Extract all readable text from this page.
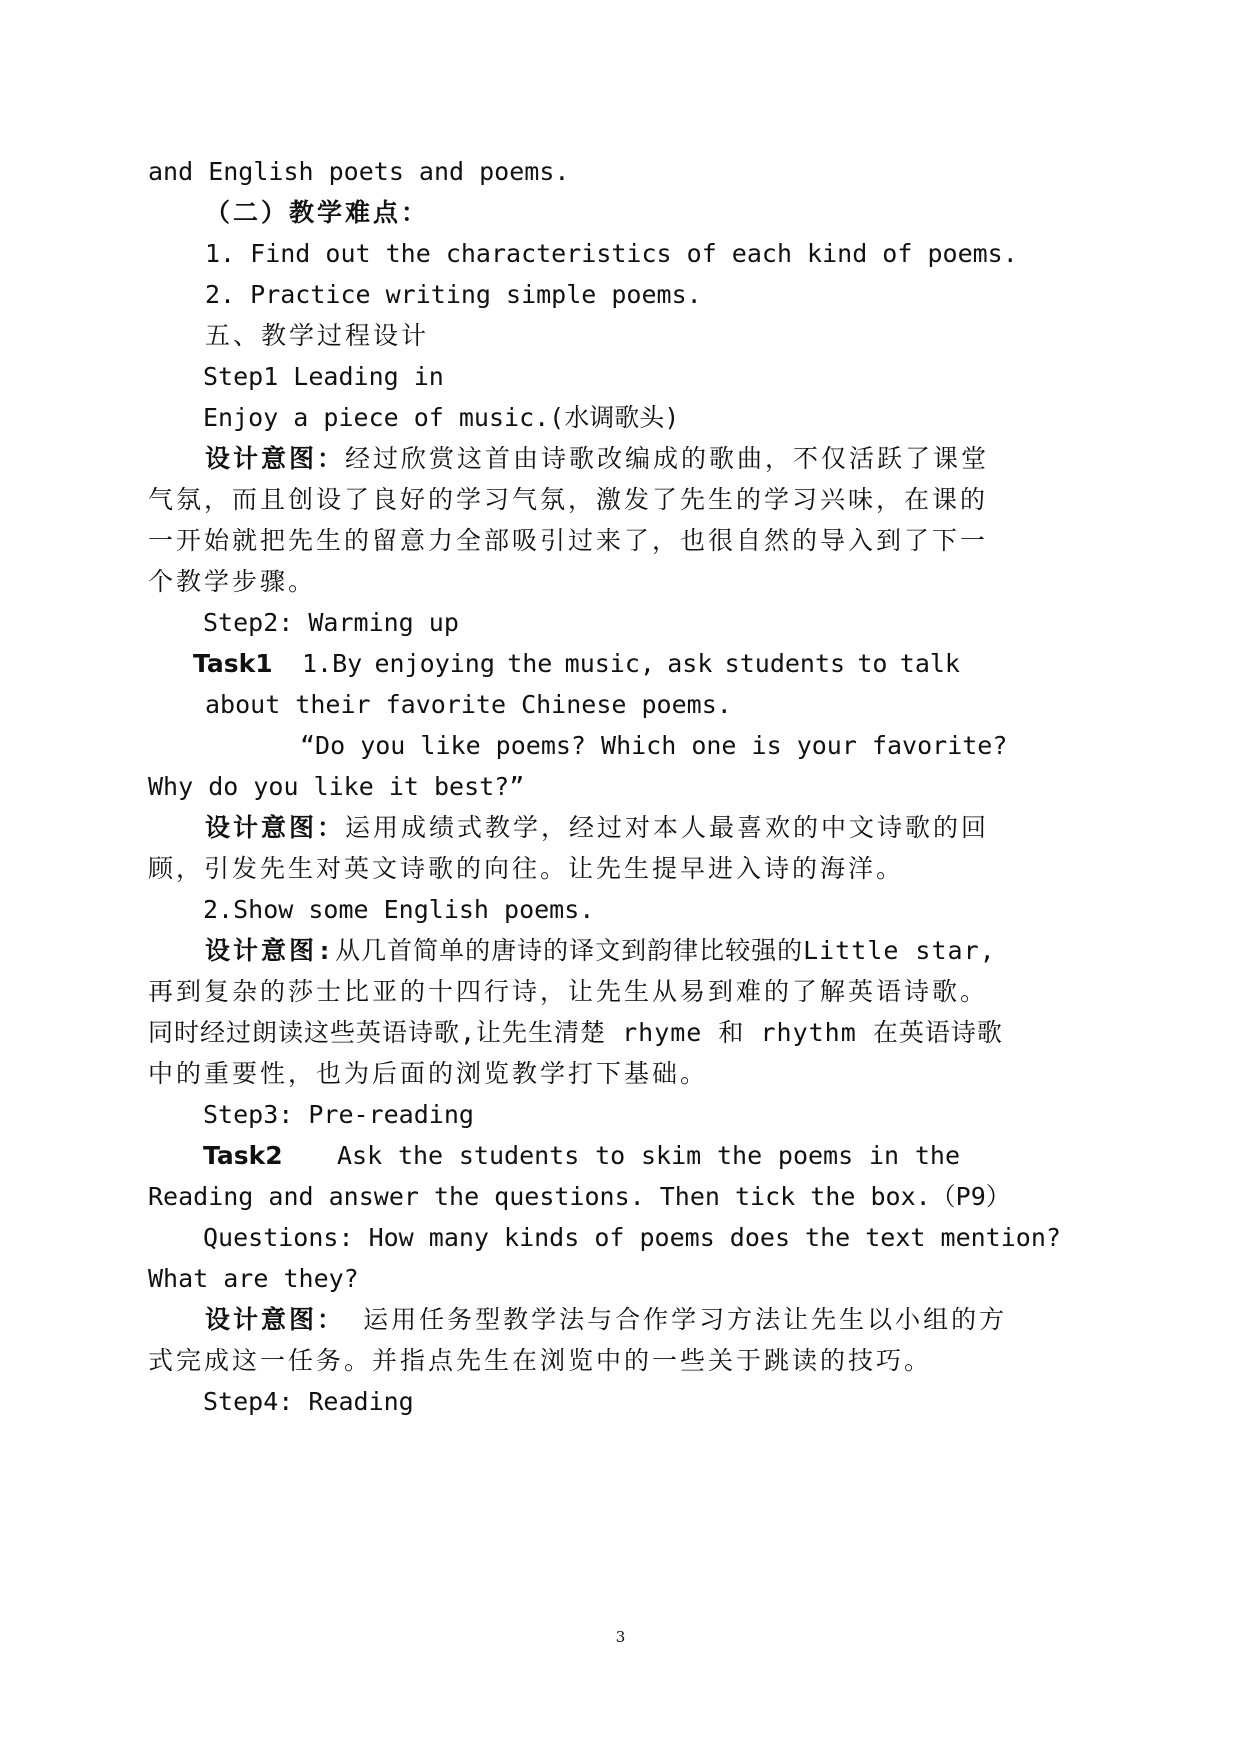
and English poets and poems.
（二）教学难点：
1. Find out the characteristics of each kind of poems.
2. Practice writing simple poems.
五、教学过程设计
Step1 Leading in
Enjoy a piece of music.(水调歌头)
设计意图：经过欣赏这首由诗歌改编成的歌曲，不仅活跃了课堂
气氛，而且创设了良好的学习气氛，激发了先生的学习兴味，在课的
一开始就把先生的留意力全部吸引过来了，也很自然的导入到了下一
个教学步骤。
Step2: Warming up
Task1 1.By enjoying the music, ask students to talk
about their favorite Chinese poems.
“Do you like poems? Which one is your favorite?
Why do you like it best?”
设计意图：运用成绩式教学，经过对本人最喜欢的中文诗歌的回
顾，引发先生对英文诗歌的向往。让先生提早进入诗的海洋。
2.Show some English poems.
设计意图:从几首简单的唐诗的译文到韵律比较强的Little star,
再到复杂的莎士比亚的十四行诗，让先生从易到难的了解英语诗歌。
同时经过朗读这些英语诗歌,让先生清楚 rhyme 和 rhythm 在英语诗歌
中的重要性，也为后面的浏览教学打下基础。
Step3: Pre-reading
Task2 Ask the students to skim the poems in the
Reading and answer the questions. Then tick the box.（P9）
Questions: How many kinds of poems does the text mention?
What are they?
设计意图： 运用任务型教学法与合作学习方法让先生以小组的方
式完成这一任务。并指点先生在浏览中的一些关于跳读的技巧。
Step4: Reading
3
